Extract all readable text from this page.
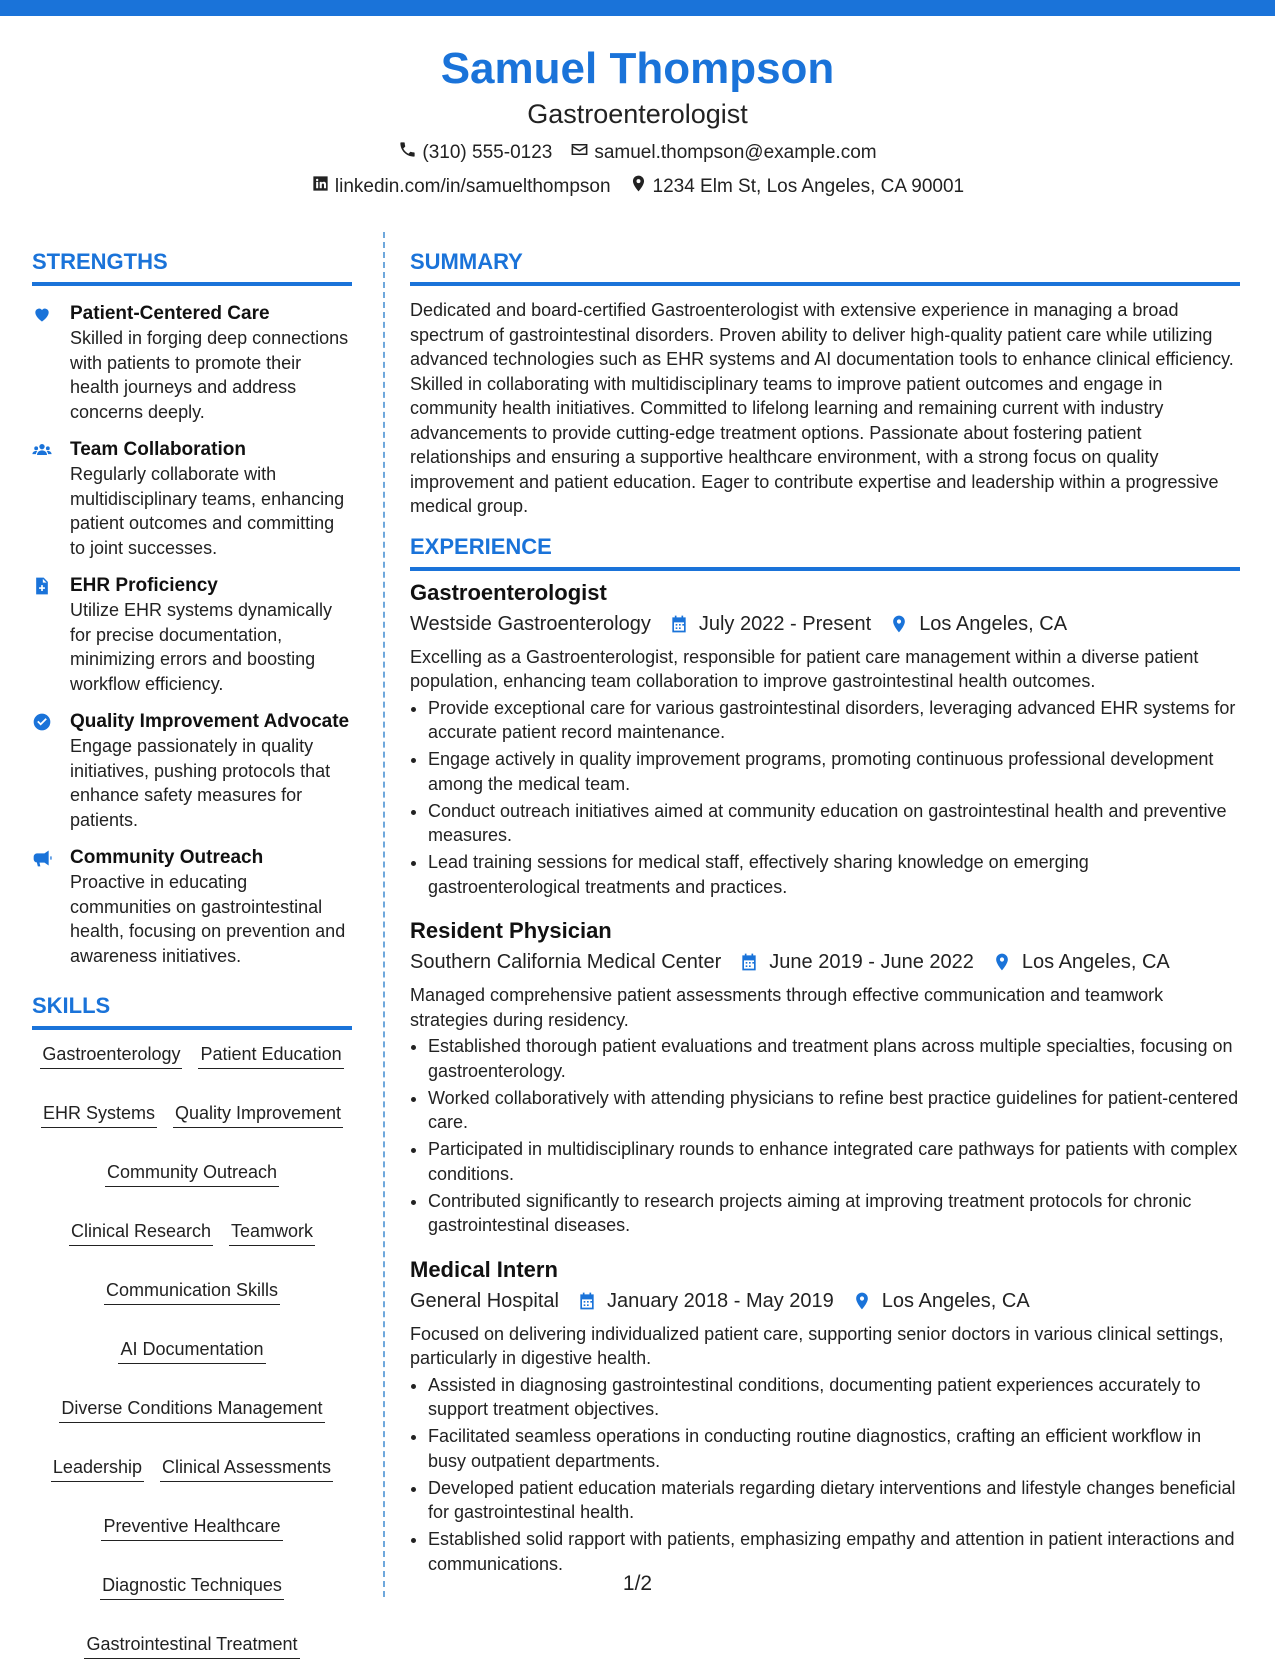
Samuel Thompson
Gastroenterologist
(310) 555-0123 samuel.thompson@example.com
linkedin.com/in/samuelthompson 1234 Elm St, Los Angeles, CA 90001
STRENGTHS
Patient-Centered Care
Skilled in forging deep connections with patients to promote their health journeys and address concerns deeply.
Team Collaboration
Regularly collaborate with multidisciplinary teams, enhancing patient outcomes and committing to joint successes.
EHR Proficiency
Utilize EHR systems dynamically for precise documentation, minimizing errors and boosting workflow efficiency.
Quality Improvement Advocate
Engage passionately in quality initiatives, pushing protocols that enhance safety measures for patients.
Community Outreach
Proactive in educating communities on gastrointestinal health, focusing on prevention and awareness initiatives.
SKILLS
Gastroenterology Patient Education
EHR Systems Quality Improvement
Community Outreach
Clinical Research Teamwork
Communication Skills
AI Documentation
Diverse Conditions Management
Leadership Clinical Assessments
Preventive Healthcare
Diagnostic Techniques
Gastrointestinal Treatment
SUMMARY
Dedicated and board-certified Gastroenterologist with extensive experience in managing a broad spectrum of gastrointestinal disorders. Proven ability to deliver high-quality patient care while utilizing advanced technologies such as EHR systems and AI documentation tools to enhance clinical efficiency. Skilled in collaborating with multidisciplinary teams to improve patient outcomes and engage in community health initiatives. Committed to lifelong learning and remaining current with industry advancements to provide cutting-edge treatment options. Passionate about fostering patient relationships and ensuring a supportive healthcare environment, with a strong focus on quality improvement and patient education. Eager to contribute expertise and leadership within a progressive medical group.
EXPERIENCE
Gastroenterologist
Westside Gastroenterology July 2022 - Present Los Angeles, CA
Excelling as a Gastroenterologist, responsible for patient care management within a diverse patient population, enhancing team collaboration to improve gastrointestinal health outcomes.
• Provide exceptional care for various gastrointestinal disorders, leveraging advanced EHR systems for accurate patient record maintenance.
• Engage actively in quality improvement programs, promoting continuous professional development among the medical team.
• Conduct outreach initiatives aimed at community education on gastrointestinal health and preventive measures.
• Lead training sessions for medical staff, effectively sharing knowledge on emerging gastroenterological treatments and practices.
Resident Physician
Southern California Medical Center June 2019 - June 2022 Los Angeles, CA
Managed comprehensive patient assessments through effective communication and teamwork strategies during residency.
• Established thorough patient evaluations and treatment plans across multiple specialties, focusing on gastroenterology.
• Worked collaboratively with attending physicians to refine best practice guidelines for patient-centered care.
• Participated in multidisciplinary rounds to enhance integrated care pathways for patients with complex conditions.
• Contributed significantly to research projects aiming at improving treatment protocols for chronic gastrointestinal diseases.
Medical Intern
General Hospital January 2018 - May 2019 Los Angeles, CA
Focused on delivering individualized patient care, supporting senior doctors in various clinical settings, particularly in digestive health.
• Assisted in diagnosing gastrointestinal conditions, documenting patient experiences accurately to support treatment objectives.
• Facilitated seamless operations in conducting routine diagnostics, crafting an efficient workflow in busy outpatient departments.
• Developed patient education materials regarding dietary interventions and lifestyle changes beneficial for gastrointestinal health.
• Established solid rapport with patients, emphasizing empathy and attention in patient interactions and communications.
1/2
